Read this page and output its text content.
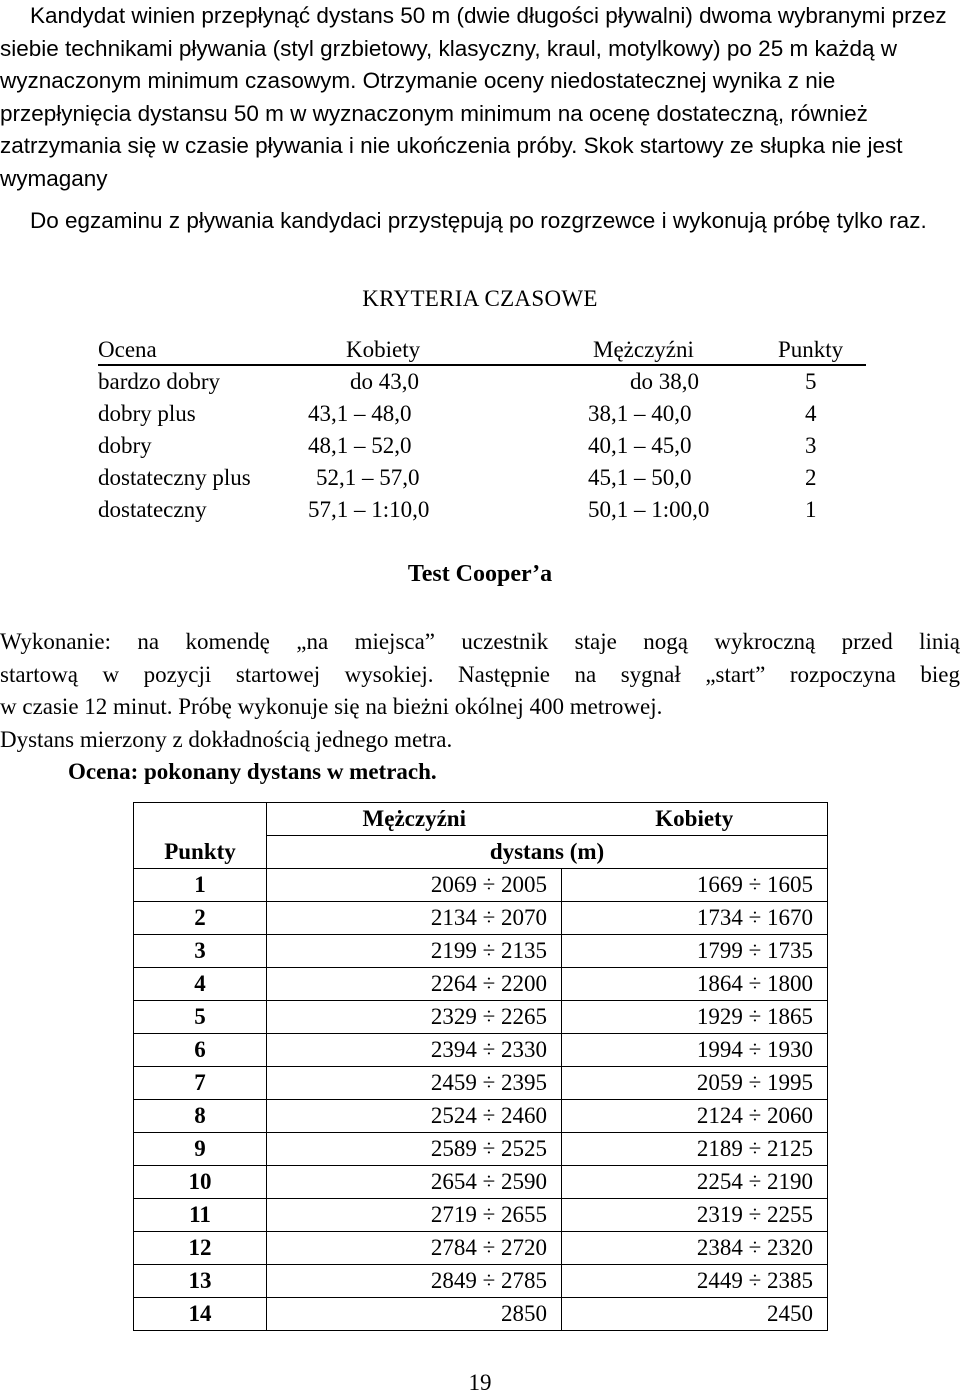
Kandydat winien przepłynąć dystans 50 m (dwie długości pływalni) dwoma wybranymi przez siebie technikami pływania (styl grzbietowy, klasyczny, kraul, motylkowy) po 25 m każdą w wyznaczonym minimum czasowym. Otrzymanie oceny niedostatecznej wynika z nie przepłynięcia dystansu 50 m w wyznaczonym minimum na ocenę dostateczną, również zatrzymania się w czasie pływania i nie ukończenia próby. Skok startowy ze słupka nie jest wymagany

Do egzaminu z pływania kandydaci przystępują po rozgrzewce i wykonują próbę tylko raz.

KRYTERIA CZASOWE
Ocena	Kobiety	Mężczyźni	Punkty
bardzo dobry	do 43,0	do 38,0	5
dobry plus	43,1 – 48,0	38,1 – 40,0	4
dobry	48,1 – 52,0	40,1 – 45,0	3
dostateczny plus	52,1 – 57,0	45,1 – 50,0	2
dostateczny	57,1 – 1:10,0	50,1 – 1:00,0	1
Test Cooper’a

Wykonanie: na komendę „na miejsca” uczestnik staje nogą wykroczną przed linią

startową w pozycji startowej wysokiej. Następnie na sygnał „start” rozpoczyna bieg

w czasie 12 minut. Próbę wykonuje się na bieżni okólnej 400 metrowej.

Dystans mierzony z dokładnością jednego metra.

Ocena: pokonany dystans w metrach.

	Mężczyźni	Kobiety
Punkty	dystans (m)	
1	2069 ÷ 2005	1669 ÷ 1605
2	2134 ÷ 2070	1734 ÷ 1670
3	2199 ÷ 2135	1799 ÷ 1735
4	2264 ÷ 2200	1864 ÷ 1800
5	2329 ÷ 2265	1929 ÷ 1865
6	2394 ÷ 2330	1994 ÷ 1930
7	2459 ÷ 2395	2059 ÷ 1995
8	2524 ÷ 2460	2124 ÷ 2060
9	2589 ÷ 2525	2189 ÷ 2125
10	2654 ÷ 2590	2254 ÷ 2190
11	2719 ÷ 2655	2319 ÷ 2255
12	2784 ÷ 2720	2384 ÷ 2320
13	2849 ÷ 2785	2449 ÷ 2385
14	2850	2450
19
